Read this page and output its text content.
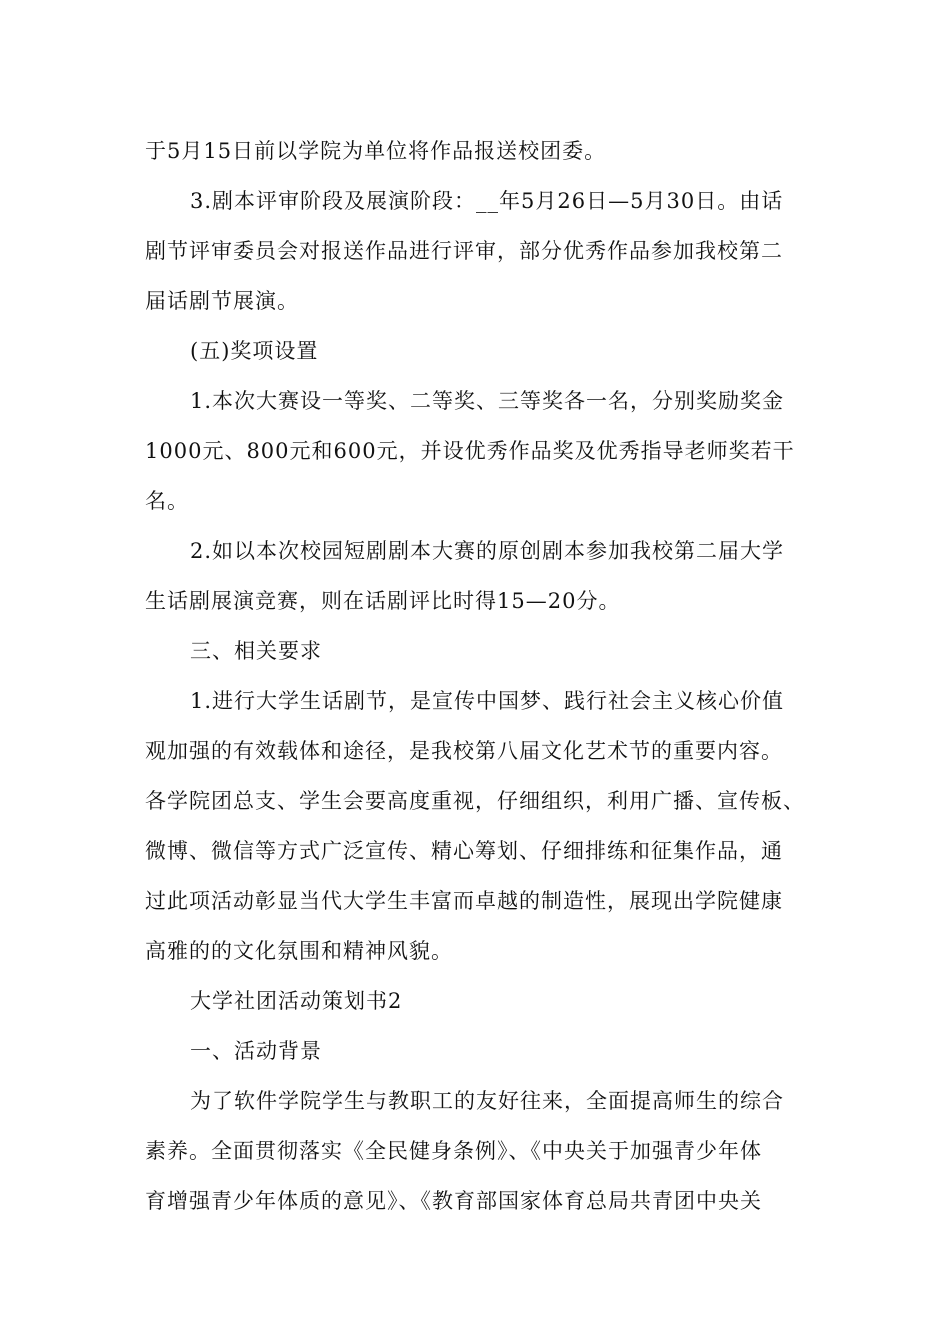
于5月15日前以学院为单位将作品报送校团委。
3.剧本评审阶段及展演阶段：__年5月26日—5月30日。由话
剧节评审委员会对报送作品进行评审，部分优秀作品参加我校第二
届话剧节展演。
(五)奖项设置
1.本次大赛设一等奖、二等奖、三等奖各一名，分别奖励奖金
1000元、800元和600元，并设优秀作品奖及优秀指导老师奖若干
名。
2.如以本次校园短剧剧本大赛的原创剧本参加我校第二届大学
生话剧展演竞赛，则在话剧评比时得15—20分。
三、相关要求
1.进行大学生话剧节，是宣传中国梦、践行社会主义核心价值
观加强的有效载体和途径，是我校第八届文化艺术节的重要内容。
各学院团总支、学生会要高度重视，仔细组织，利用广播、宣传板、
微博、微信等方式广泛宣传、精心筹划、仔细排练和征集作品，通
过此项活动彰显当代大学生丰富而卓越的制造性，展现出学院健康
高雅的的文化氛围和精神风貌。
大学社团活动策划书2
一、活动背景
为了软件学院学生与教职工的友好往来，全面提高师生的综合
素养。全面贯彻落实《全民健身条例》、《中央关于加强青少年体
育增强青少年体质的意见》、《教育部国家体育总局共青团中央关
